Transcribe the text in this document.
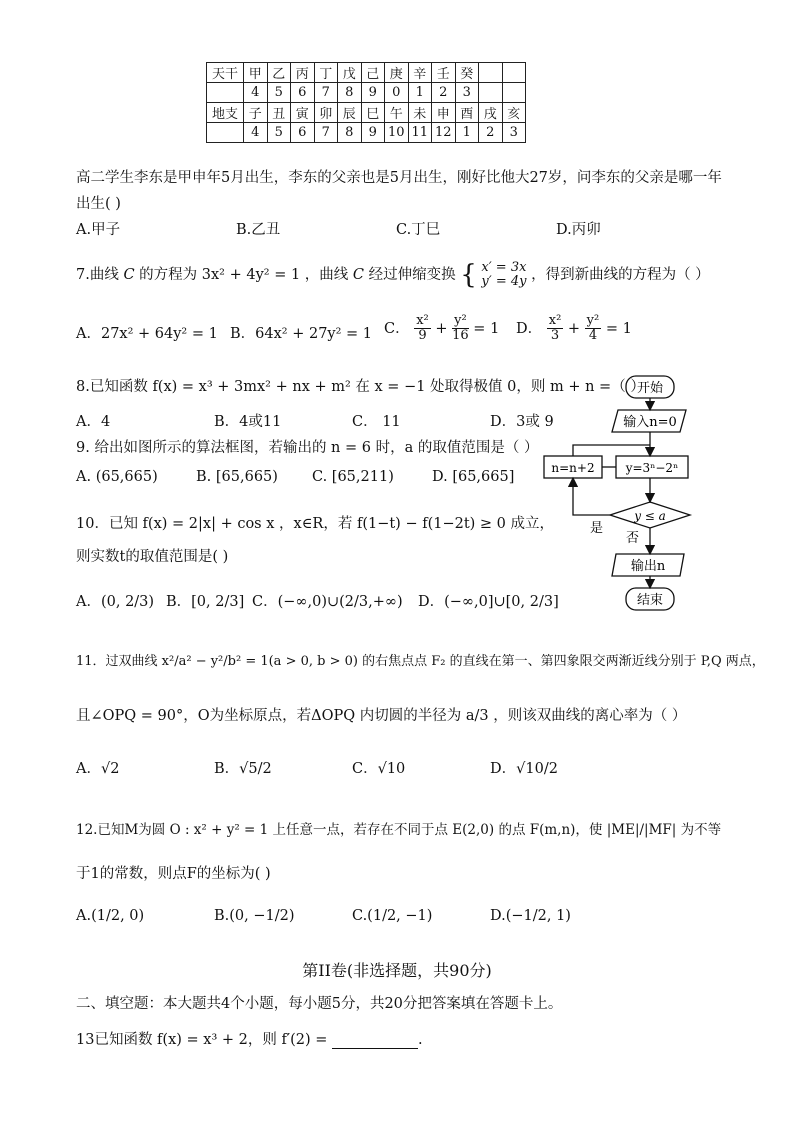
天干	甲	乙	丙	丁	戊	己	庚	辛	壬	癸		
	4	5	6	7	8	9	0	1	2	3		
地支	子	丑	寅	卯	辰	巳	午	未	申	酉	戌	亥
	4	5	6	7	8	9	10	11	12	1	2	3
高二学生李东是甲申年5月出生，李东的父亲也是5月出生，刚好比他大27岁，问李东的父亲是哪一年
出生( )
A.甲子	B.乙丑	C.丁巳	D.丙卯
7.曲线 C 的方程为 3x² + 4y² = 1 ，曲线 C 经过伸缩变换 { x′ = 3x
y′ = 4y ，得到新曲线的方程为（ ）
A．27x² + 64y² = 1 B．64x² + 27y² = 1 C． $\frac{\text{x²}}{9} + \frac{\text{y²}}{16} = 1$ D． $\frac{\text{x²}}{3} + \frac{\text{y²}}{4} = 1$
8.已知函数 f(x) = x³ + 3mx² + nx + m² 在 x = −1 处取得极值 0，则 m + n =（ ）
A．4	B．4或11	C． 11	D．3或 9
9. 给出如图所示的算法框图，若输出的 n = 6 时，a 的取值范围是（ ）
A. (65,665)	B. [65,665) C. [65,211)	D. [65,665]
开始
输入n=0
y=3ⁿ−2ⁿ
n=n+2
y ≤ a
是
否
输出n
结束
10．已知 f(x) = 2|x| + cos x ，x∈R，若 f(1−t) − f(1−2t) ≥ 0 成立，
则实数t的取值范围是( )
A．(0, 2/3) B．[0, 2/3] C．(−∞,0)∪(2/3,+∞) D．(−∞,0]∪[0, 2/3]
11．过双曲线 x²/a² − y²/b² = 1(a > 0, b > 0) 的右焦点点 F₂ 的直线在第一、第四象限交两渐近线分别于 P,Q 两点，
且∠OPQ = 90°，O为坐标原点，若ΔOPQ 内切圆的半径为 a/3 ，则该双曲线的离心率为（ ）
A．√2	B．√5/2	C．√10	D．√10/2
12.已知M为圆 O : x² + y² = 1 上任意一点，若存在不同于点 E(2,0) 的点 F(m,n)，使 |ME|/|MF| 为不等
于1的常数，则点F的坐标为( )
A.(1/2, 0)	B.(0, −1/2)	C.(1/2, −1)	D.(−1/2, 1)
第II卷(非选择题，共90分)
二、填空题：本大题共4个小题，每小题5分，共20分把答案填在答题卡上。
13已知函数 f(x) = x³ + 2，则 f′(2) =	.
